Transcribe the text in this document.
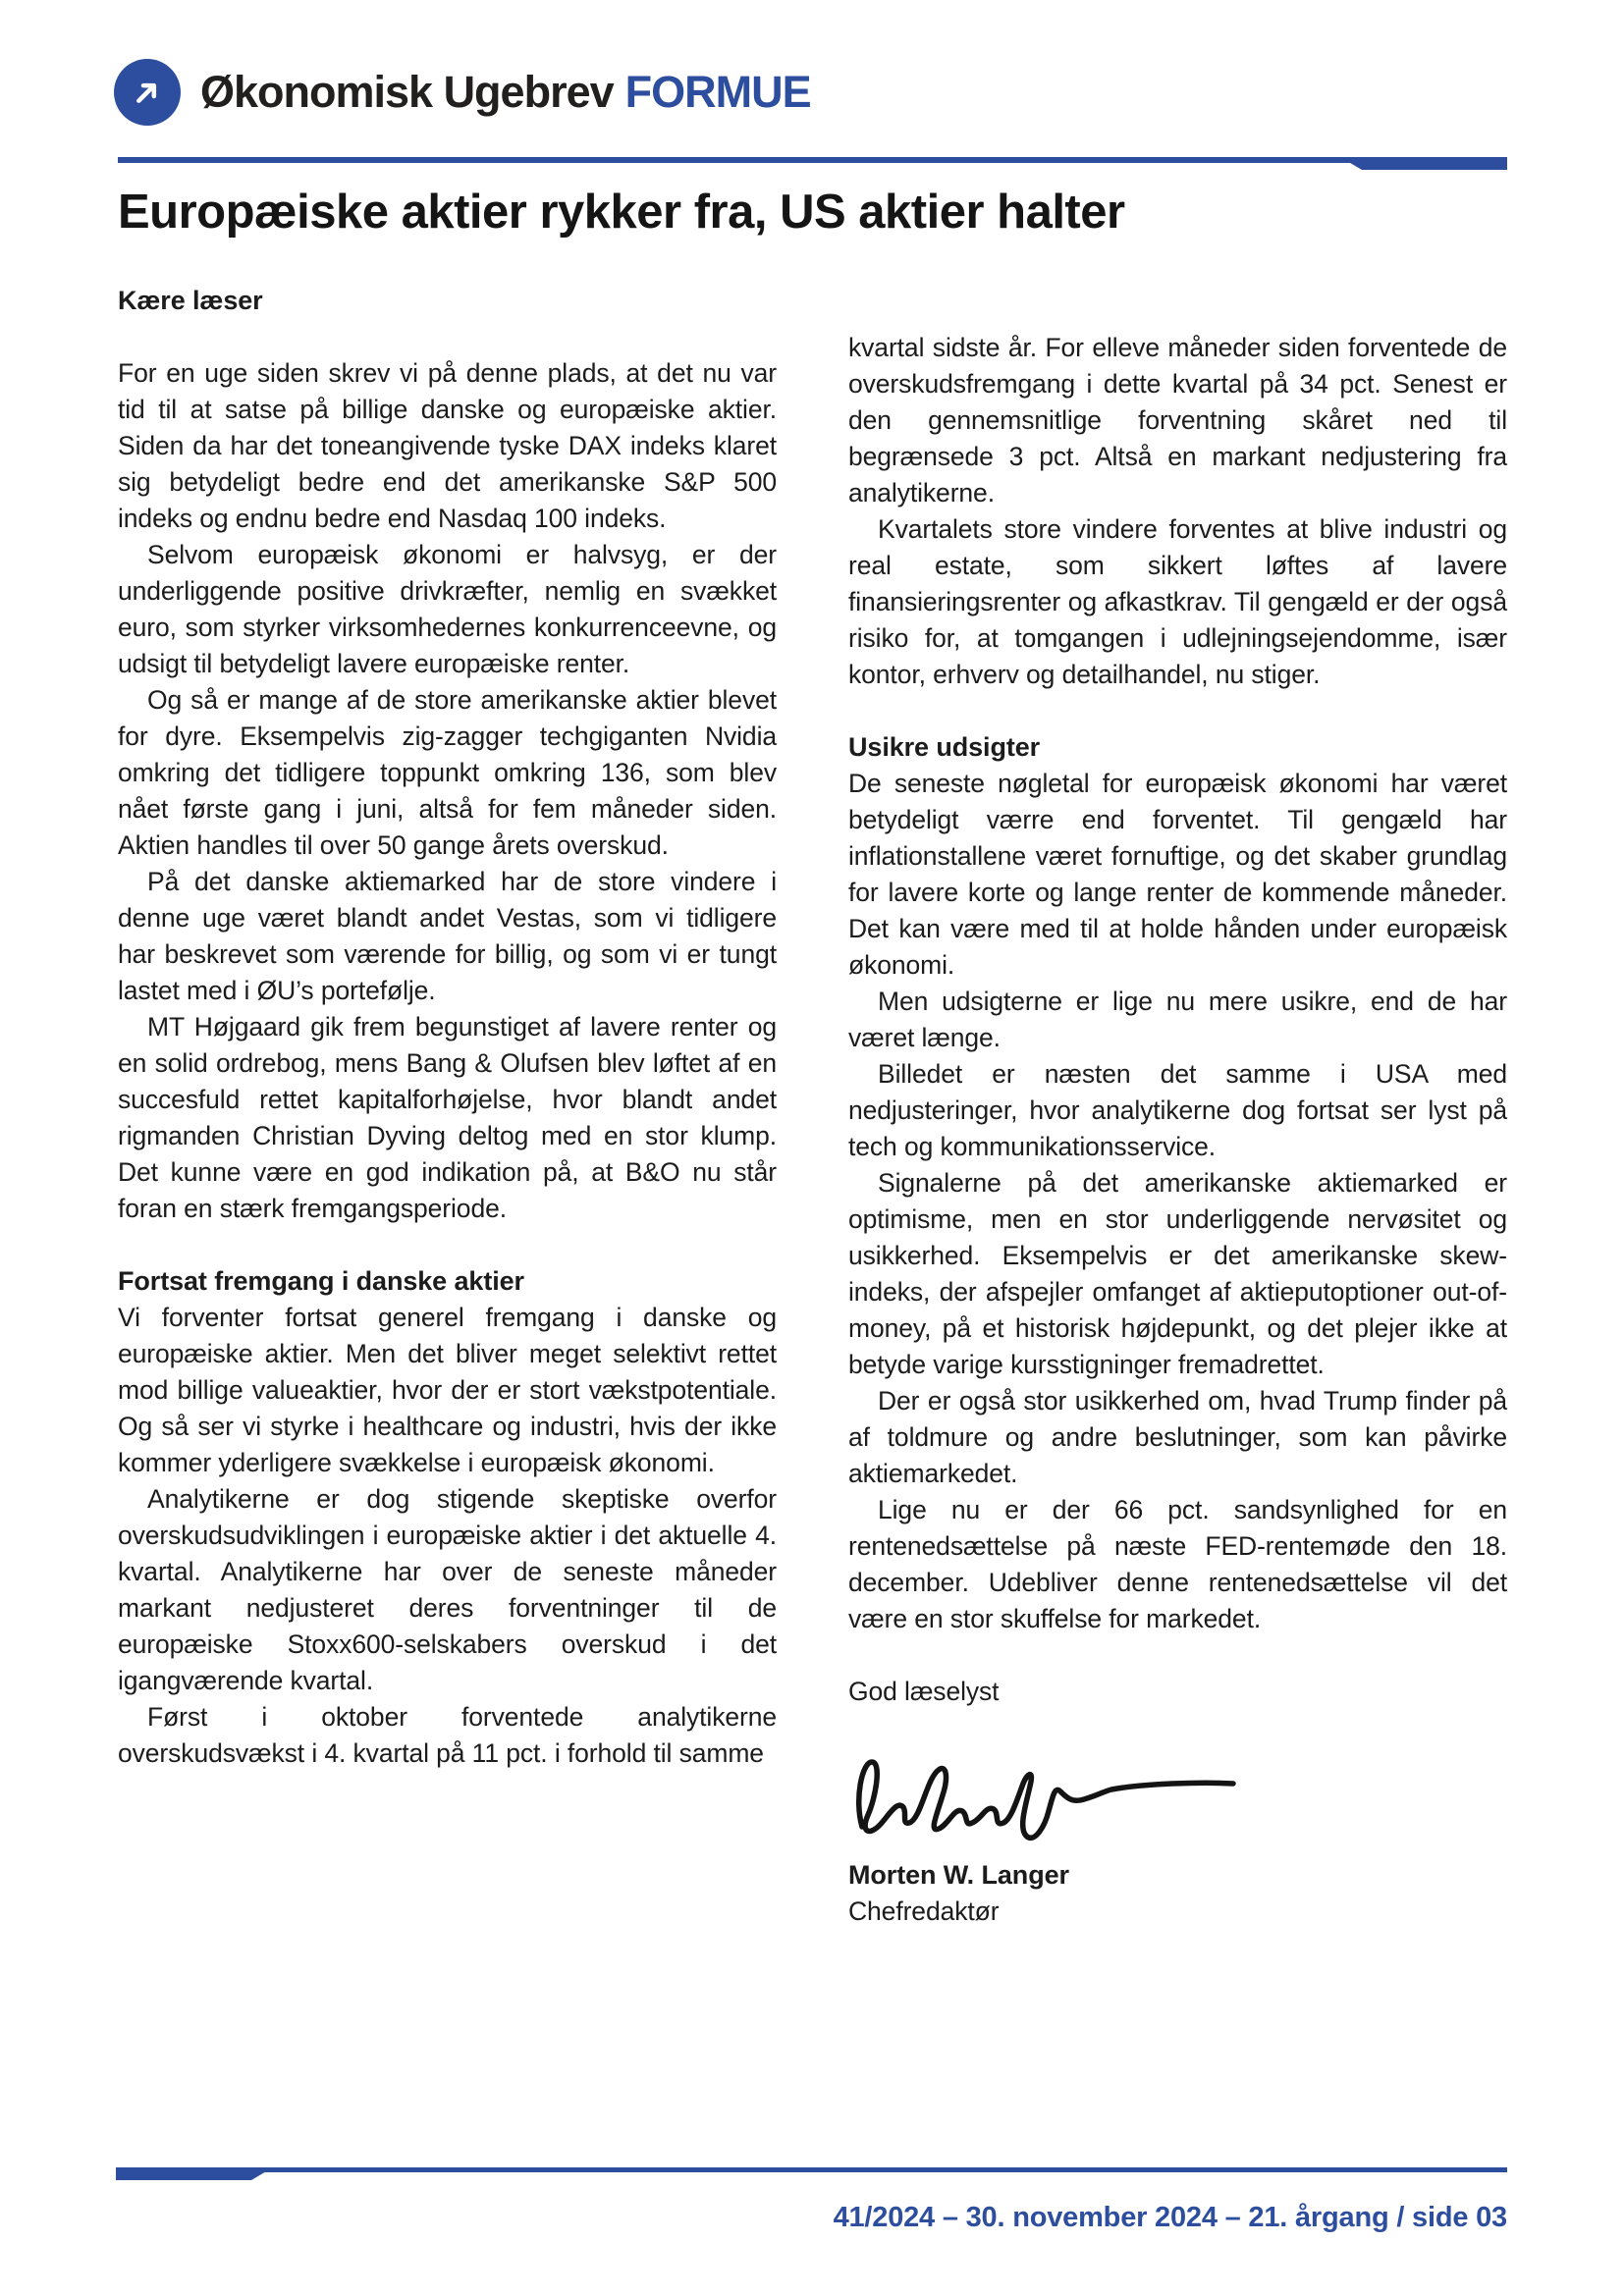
Økonomisk Ugebrev FORMUE
Europæiske aktier rykker fra, US aktier halter
Kære læser

For en uge siden skrev vi på denne plads, at det nu var tid til at satse på billige danske og europæiske aktier. Siden da har det toneangivende tyske DAX indeks klaret sig betydeligt bedre end det amerikanske S&P 500 indeks og endnu bedre end Nasdaq 100 indeks.

Selvom europæisk økonomi er halvsyg, er der underliggende positive drivkræfter, nemlig en svækket euro, som styrker virksomhedernes konkurrenceevne, og udsigt til betydeligt lavere europæiske renter.

Og så er mange af de store amerikanske aktier blevet for dyre. Eksempelvis zig-zagger techgiganten Nvidia omkring det tidligere toppunkt omkring 136, som blev nået første gang i juni, altså for fem måneder siden. Aktien handles til over 50 gange årets overskud.

På det danske aktiemarked har de store vindere i denne uge været blandt andet Vestas, som vi tidligere har beskrevet som værende for billig, og som vi er tungt lastet med i ØU’s portefølje.

MT Højgaard gik frem begunstiget af lavere renter og en solid ordrebog, mens Bang & Olufsen blev løftet af en succesfuld rettet kapitalforhøjelse, hvor blandt andet rigmanden Christian Dyving deltog med en stor klump. Det kunne være en god indikation på, at B&O nu står foran en stærk fremgangsperiode.

Fortsat fremgang i danske aktier

Vi forventer fortsat generel fremgang i danske og europæiske aktier. Men det bliver meget selektivt rettet mod billige valueaktier, hvor der er stort vækstpotentiale. Og så ser vi styrke i healthcare og industri, hvis der ikke kommer yderligere svækkelse i europæisk økonomi.

Analytikerne er dog stigende skeptiske overfor overskudsudviklingen i europæiske aktier i det aktuelle 4. kvartal. Analytikerne har over de seneste måneder markant nedjusteret deres forventninger til de europæiske Stoxx600-selskabers overskud i det igangværende kvartal.

Først i oktober forventede analytikerne overskudsvækst i 4. kvartal på 11 pct. i forhold til samme

kvartal sidste år. For elleve måneder siden forventede de overskudsfremgang i dette kvartal på 34 pct. Senest er den gennemsnitlige forventning skåret ned til begrænsede 3 pct. Altså en markant nedjustering fra analytikerne.

Kvartalets store vindere forventes at blive industri og real estate, som sikkert løftes af lavere finansieringsrenter og afkastkrav. Til gengæld er der også risiko for, at tomgangen i udlejningsejendomme, især kontor, erhverv og detailhandel, nu stiger.

Usikre udsigter

De seneste nøgletal for europæisk økonomi har været betydeligt værre end forventet. Til gengæld har inflationstallene været fornuftige, og det skaber grundlag for lavere korte og lange renter de kommende måneder. Det kan være med til at holde hånden under europæisk økonomi.

Men udsigterne er lige nu mere usikre, end de har været længe.

Billedet er næsten det samme i USA med nedjusteringer, hvor analytikerne dog fortsat ser lyst på tech og kommunikationsservice.

Signalerne på det amerikanske aktiemarked er optimisme, men en stor underliggende nervøsitet og usikkerhed. Eksempelvis er det amerikanske skew-indeks, der afspejler omfanget af aktieputoptioner out-of-money, på et historisk højdepunkt, og det plejer ikke at betyde varige kursstigninger fremadrettet.

Der er også stor usikkerhed om, hvad Trump finder på af toldmure og andre beslutninger, som kan påvirke aktiemarkedet.

Lige nu er der 66 pct. sandsynlighed for en rentenedsættelse på næste FED-rentemøde den 18. december. Udebliver denne rentenedsættelse vil det være en stor skuffelse for markedet.

God læselyst

Morten W. Langer
Chefredaktør
41/2024 – 30. november 2024 – 21. årgang / side 03
